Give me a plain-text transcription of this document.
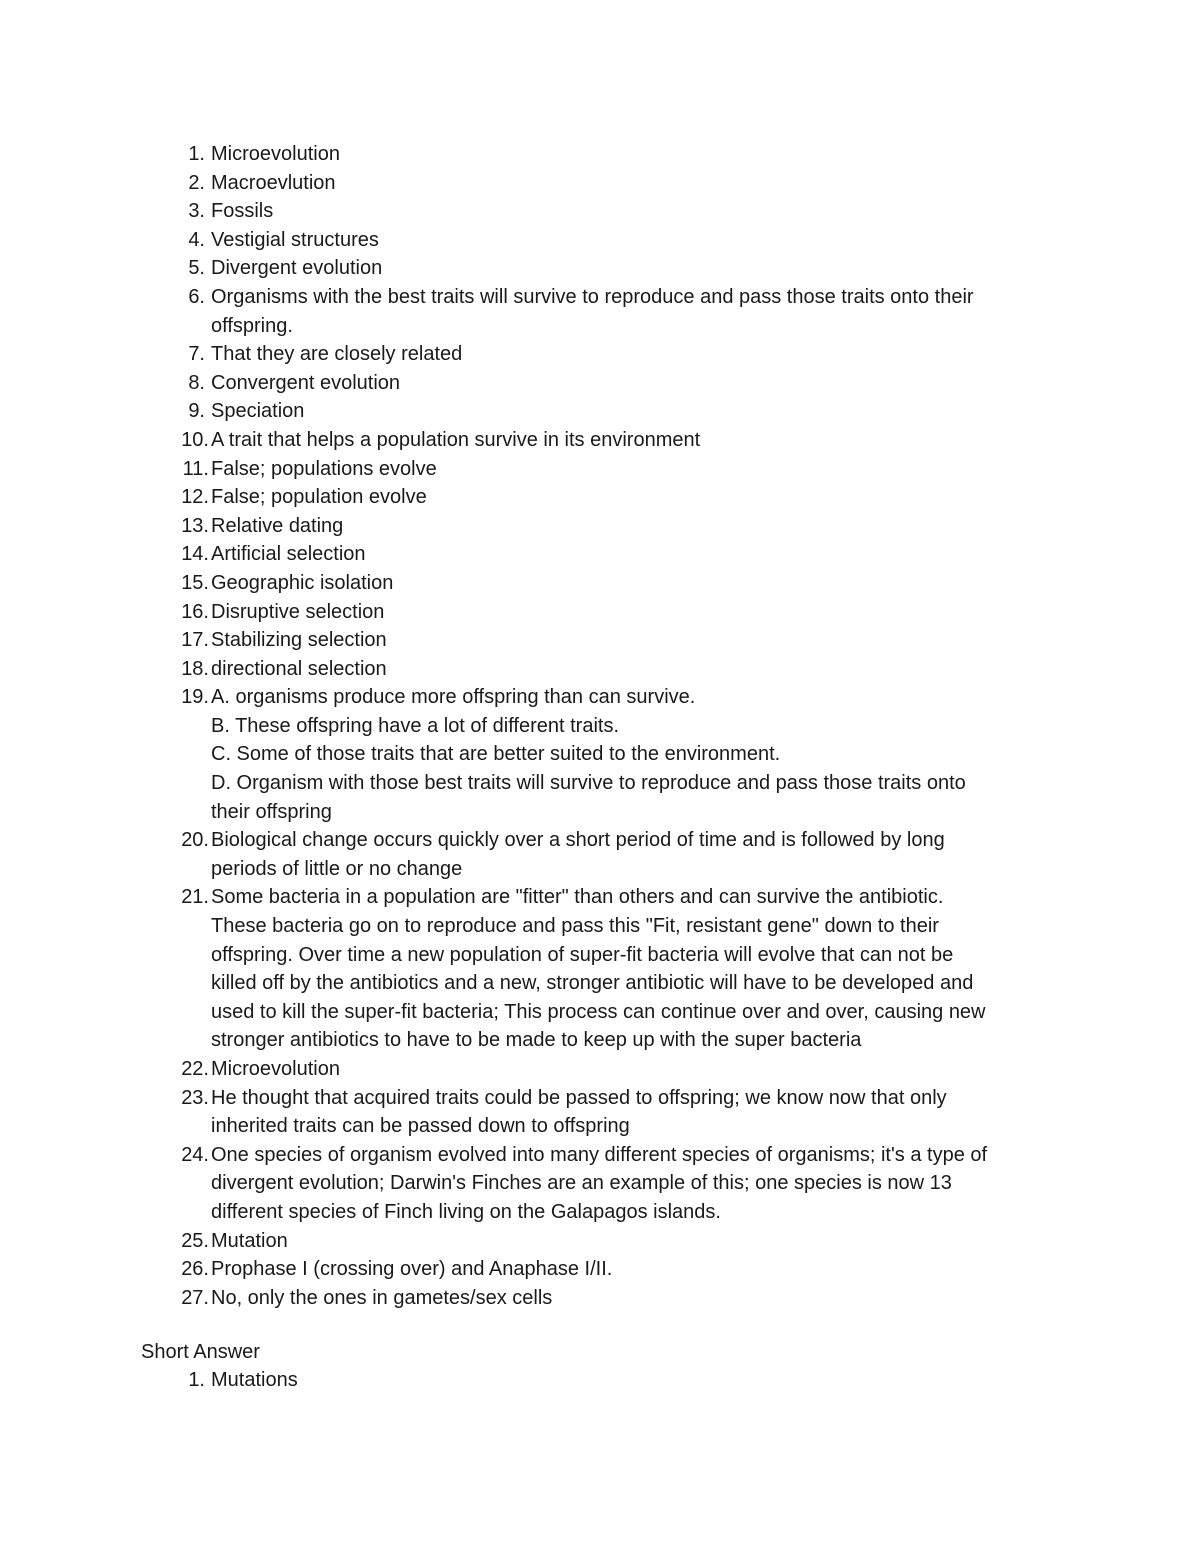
1. Microevolution
2. Macroevlution
3. Fossils
4. Vestigial structures
5. Divergent evolution
6. Organisms with the best traits will survive to reproduce and pass those traits onto their
offspring.
7. That they are closely related
8. Convergent evolution
9. Speciation
10. A trait that helps a population survive in its environment
11. False; populations evolve
12. False; population evolve
13. Relative dating
14. Artificial selection
15. Geographic isolation
16. Disruptive selection
17. Stabilizing selection
18. directional selection
19. A. organisms produce more offspring than can survive.
B. These offspring have a lot of different traits.
C. Some of those traits that are better suited to the environment.
D. Organism with those best traits will survive to reproduce and pass those traits onto
their offspring
20. Biological change occurs quickly over a short period of time and is followed by long
periods of little or no change
21. Some bacteria in a population are "fitter" than others and can survive the antibiotic.
These bacteria go on to reproduce and pass this "Fit, resistant gene" down to their
offspring. Over time a new population of super-fit bacteria will evolve that can not be
killed off by the antibiotics and a new, stronger antibiotic will have to be developed and
used to kill the super-fit bacteria; This process can continue over and over, causing new
stronger antibiotics to have to be made to keep up with the super bacteria
22. Microevolution
23. He thought that acquired traits could be passed to offspring; we know now that only
inherited traits can be passed down to offspring
24. One species of organism evolved into many different species of organisms; it's a type of
divergent evolution; Darwin's Finches are an example of this; one species is now 13
different species of Finch living on the Galapagos islands.
25. Mutation
26. Prophase I (crossing over) and Anaphase I/II.
27. No, only the ones in gametes/sex cells
Short Answer
1. Mutations
